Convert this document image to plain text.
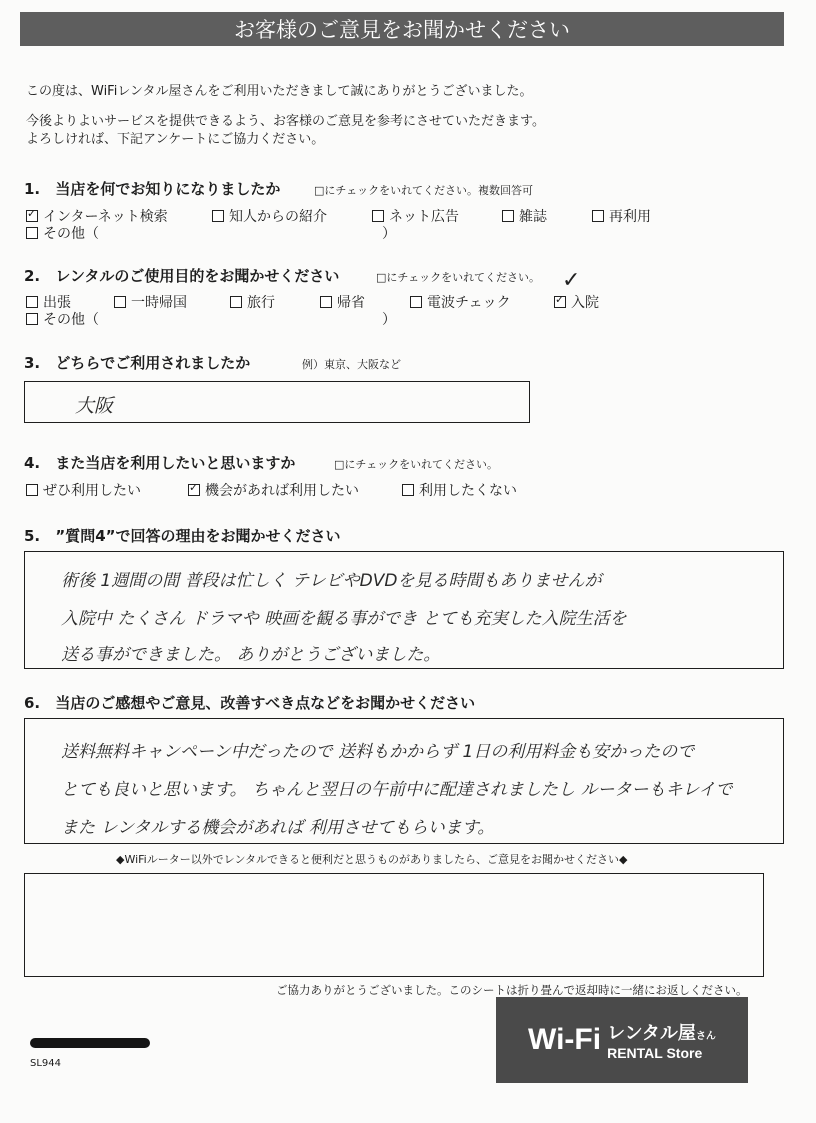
お客様のご意見をお聞かせください
この度は、WiFiレンタル屋さんをご利用いただきまして誠にありがとうございました。
今後よりよいサービスを提供できるよう、お客様のご意見を参考にさせていただきます。
よろしければ、下記アンケートにご協力ください。
1. 当店を何でお知りになりましたか	□にチェックをいれてください。複数回答可
✓
インターネット検索	知人からの紹介	ネット広告	雑誌	再利用
その他（	）
2. レンタルのご使用目的をお聞かせください	□にチェックをいれてください。
出張	一時帰国	旅行	帰省	電波チェック ✓	入院
✓
その他（	）
3. どちらでご利用されましたか	例）東京、大阪など
大阪
4. また当店を利用したいと思いますか	□にチェックをいれてください。
ぜひ利用したい ✓	機会があれば利用したい	利用したくない
5. ”質問4”で回答の理由をお聞かせください
術後 1週間の間 普段は忙しく テレビやDVDを見る時間もありませんが
入院中 たくさん ドラマや 映画を観る事ができ とても充実した入院生活を
送る事ができました。 ありがとうございました。
6. 当店のご感想やご意見、改善すべき点などをお聞かせください
送料無料キャンペーン中だったので 送料もかからず 1日の利用料金も安かったので
とても良いと思います。 ちゃんと翌日の午前中に配達されましたし ルーターもキレイで
また レンタルする機会があれば 利用させてもらいます。
◆WiFiルーター以外でレンタルできると便利だと思うものがありましたら、ご意見をお聞かせください◆
ご協力ありがとうございました。このシートは折り畳んで返却時に一緒にお返しください。
SL944
Wi-Fi レンタル屋さん
RENTAL Store
